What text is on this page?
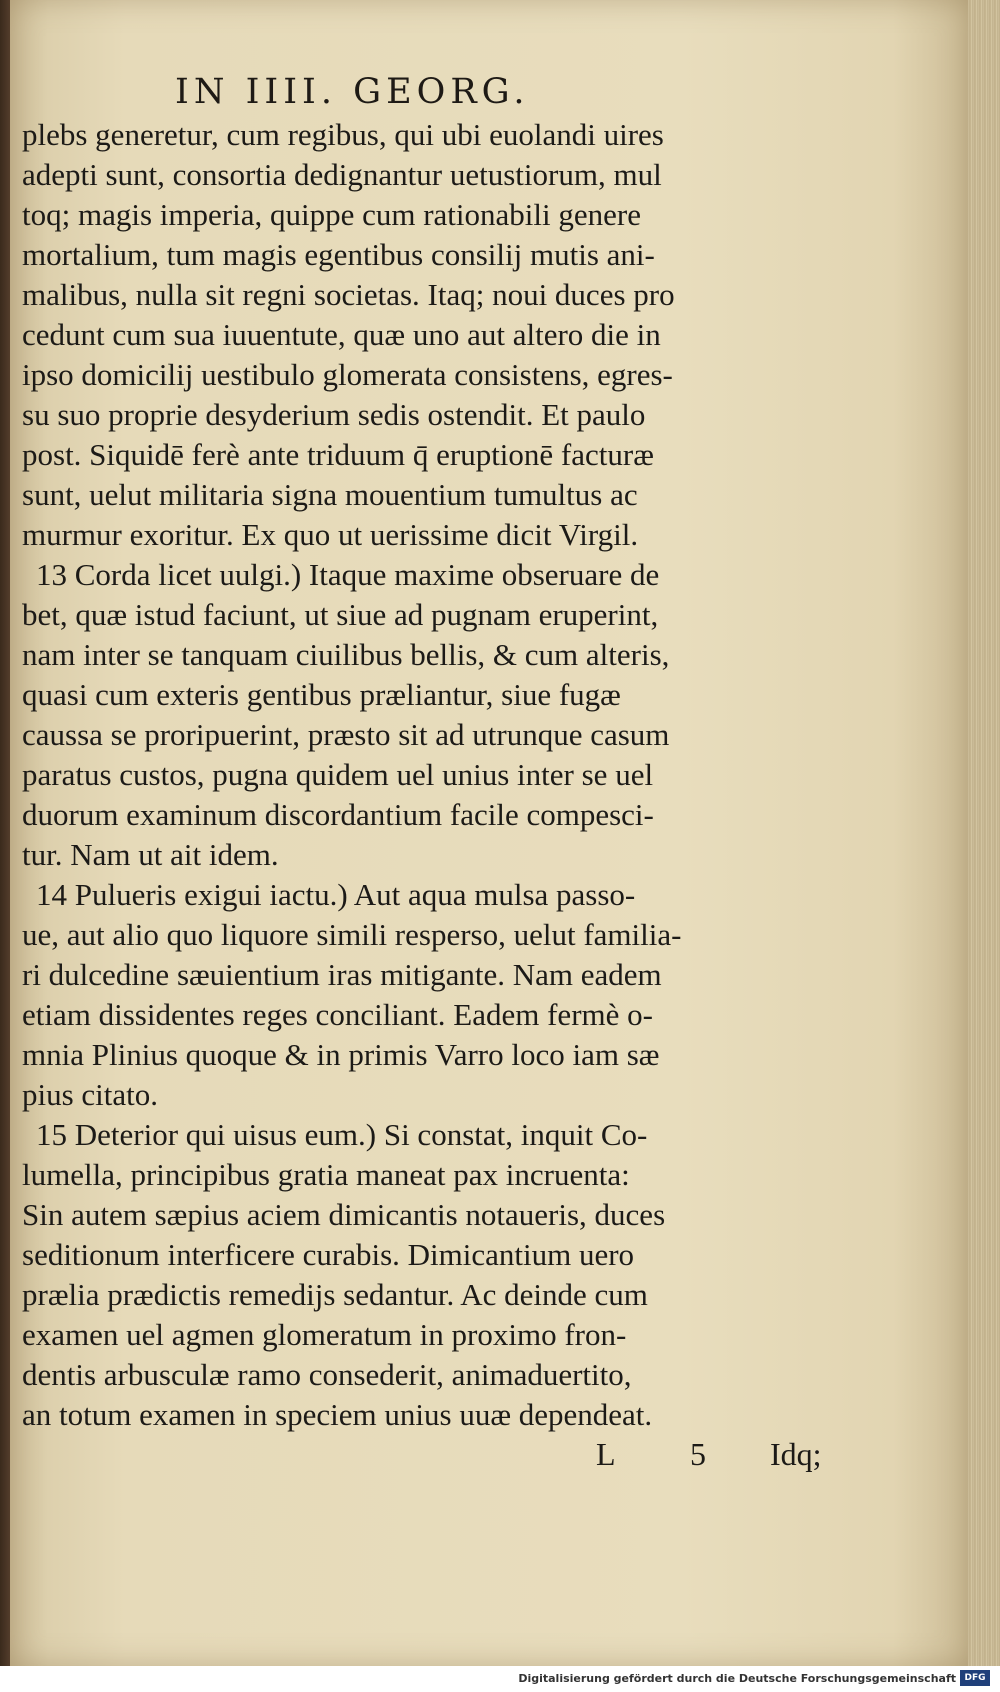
IN IIII. GEORG.
plebs generetur, cum regibus, qui ubi euolandi uires
adepti sunt, consortia dedignantur uetustiorum, mul
toq; magis imperia, quippe cum rationabili genere
mortalium, tum magis egentibus consilij mutis ani-
malibus, nulla sit regni societas. Itaq; noui duces pro
cedunt cum sua iuuentute, quæ uno aut altero die in
ipso domicilij uestibulo glomerata consistens, egres-
su suo proprie desyderium sedis ostendit. Et paulo
post. Siquidē ferè ante triduum q̄ eruptionē facturæ
sunt, uelut militaria signa mouentium tumultus ac
murmur exoritur. Ex quo ut uerissime dicit Virgil.
13 Corda licet uulgi.) Itaque maxime obseruare de
bet, quæ istud faciunt, ut siue ad pugnam eruperint,
nam inter se tanquam ciuilibus bellis, & cum alteris,
quasi cum exteris gentibus præliantur, siue fugæ
caussa se proripuerint, præsto sit ad utrunque casum
paratus custos, pugna quidem uel unius inter se uel
duorum examinum discordantium facile compesci-
tur. Nam ut ait idem.
14 Pulueris exigui iactu.) Aut aqua mulsa passo-
ue, aut alio quo liquore simili resperso, uelut familia-
ri dulcedine sæuientium iras mitigante. Nam eadem
etiam dissidentes reges conciliant. Eadem fermè o-
mnia Plinius quoque & in primis Varro loco iam sæ
pius citato.
15 Deterior qui uisus eum.) Si constat, inquit Co-
lumella, principibus gratia maneat pax incruenta:
Sin autem sæpius aciem dimicantis notaueris, duces
seditionum interficere curabis. Dimicantium uero
prælia prædictis remedijs sedantur. Ac deinde cum
examen uel agmen glomeratum in proximo fron-
dentis arbusculæ ramo consederit, animaduertito,
an totum examen in speciem unius uuæ dependeat.
L 5 Idq;
Digitalisierung gefördert durch die Deutsche Forschungsgemeinschaft DFG
